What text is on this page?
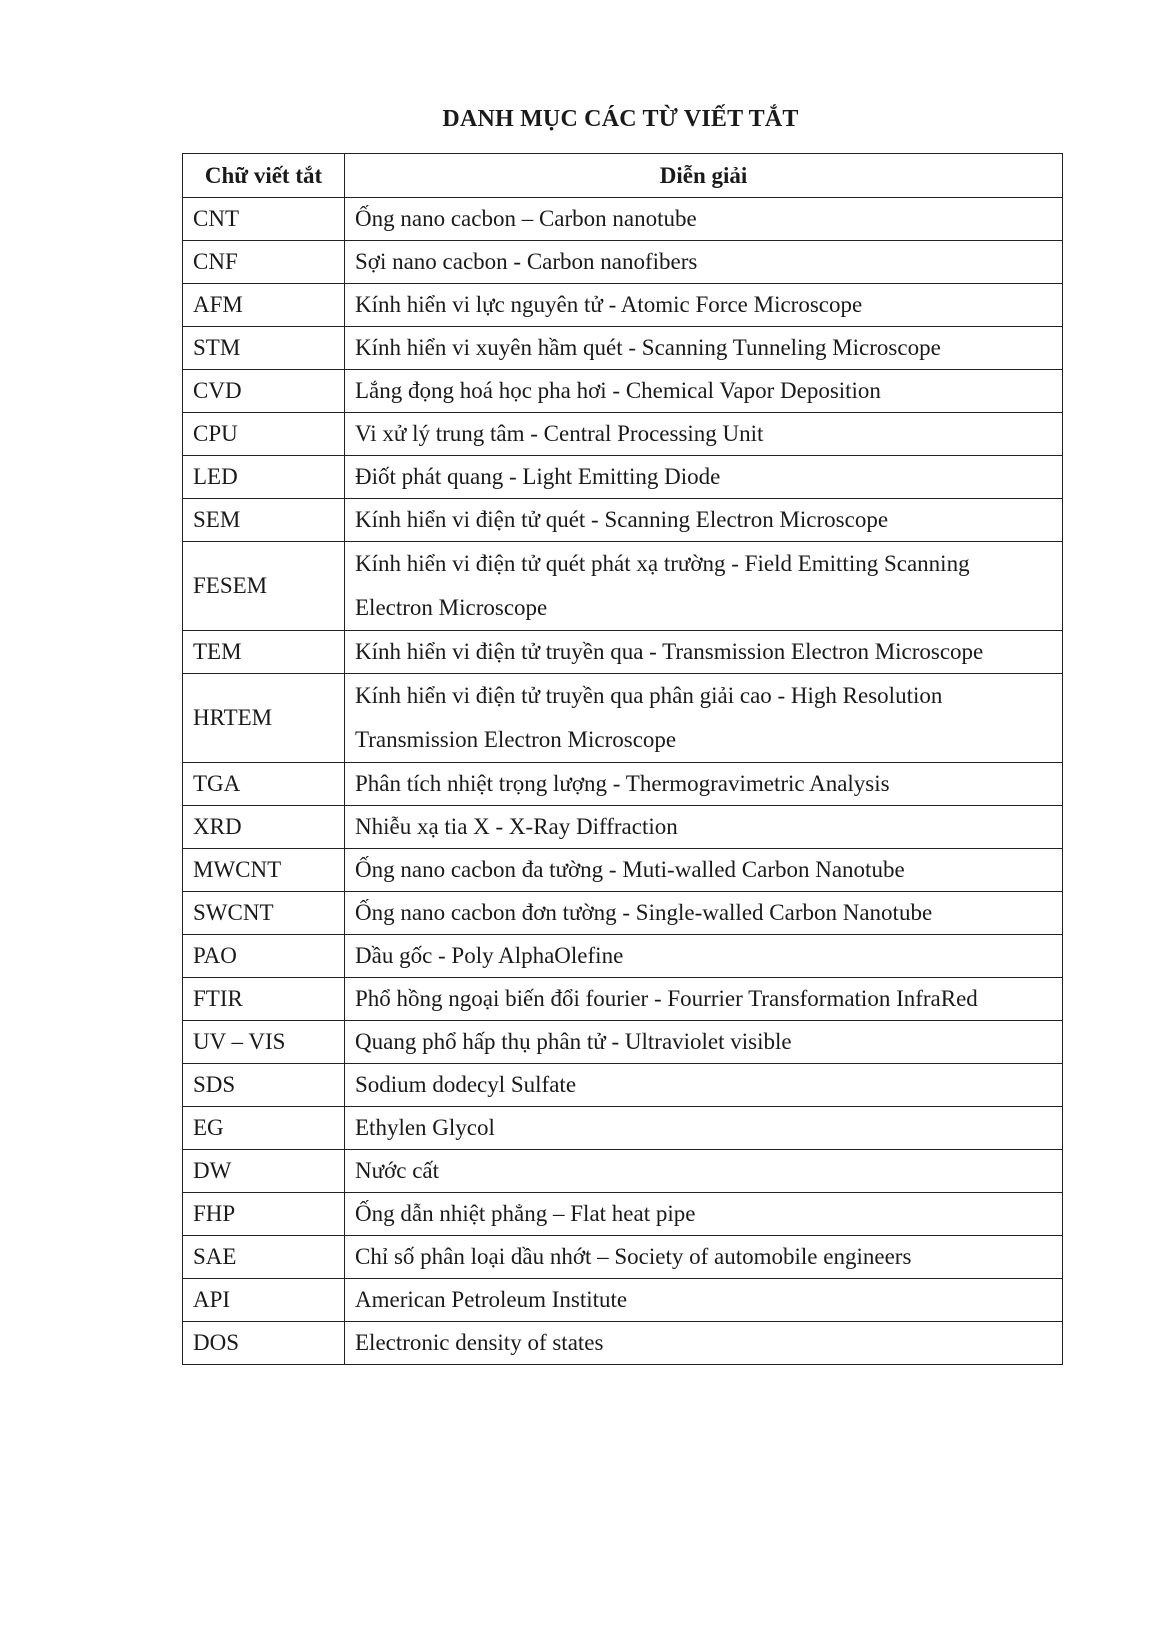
DANH MỤC CÁC TỪ VIẾT TẮT
Chữ viết tắt	Diễn giải
CNT	Ống nano cacbon – Carbon nanotube
CNF	Sợi nano cacbon - Carbon nanofibers
AFM	Kính hiển vi lực nguyên tử - Atomic Force Microscope
STM	Kính hiển vi xuyên hầm quét - Scanning Tunneling Microscope
CVD	Lắng đọng hoá học pha hơi - Chemical Vapor Deposition
CPU	Vi xử lý trung tâm - Central Processing Unit
LED	Điốt phát quang - Light Emitting Diode
SEM	Kính hiển vi điện tử quét - Scanning Electron Microscope
FESEM	Kính hiển vi điện tử quét phát xạ trường - Field Emitting Scanning Electron Microscope
TEM	Kính hiển vi điện tử truyền qua - Transmission Electron Microscope
HRTEM	Kính hiển vi điện tử truyền qua phân giải cao - High Resolution Transmission Electron Microscope
TGA	Phân tích nhiệt trọng lượng - Thermogravimetric Analysis
XRD	Nhiễu xạ tia X - X-Ray Diffraction
MWCNT	Ống nano cacbon đa tường - Muti-walled Carbon Nanotube
SWCNT	Ống nano cacbon đơn tường - Single-walled Carbon Nanotube
PAO	Dầu gốc - Poly AlphaOlefine
FTIR	Phổ hồng ngoại biến đổi fourier - Fourrier Transformation InfraRed
UV – VIS	Quang phổ hấp thụ phân tử - Ultraviolet visible
SDS	Sodium dodecyl Sulfate
EG	Ethylen Glycol
DW	Nước cất
FHP	Ống dẫn nhiệt phẳng – Flat heat pipe
SAE	Chỉ số phân loại dầu nhớt – Society of automobile engineers
API	American Petroleum Institute
DOS	Electronic density of states
